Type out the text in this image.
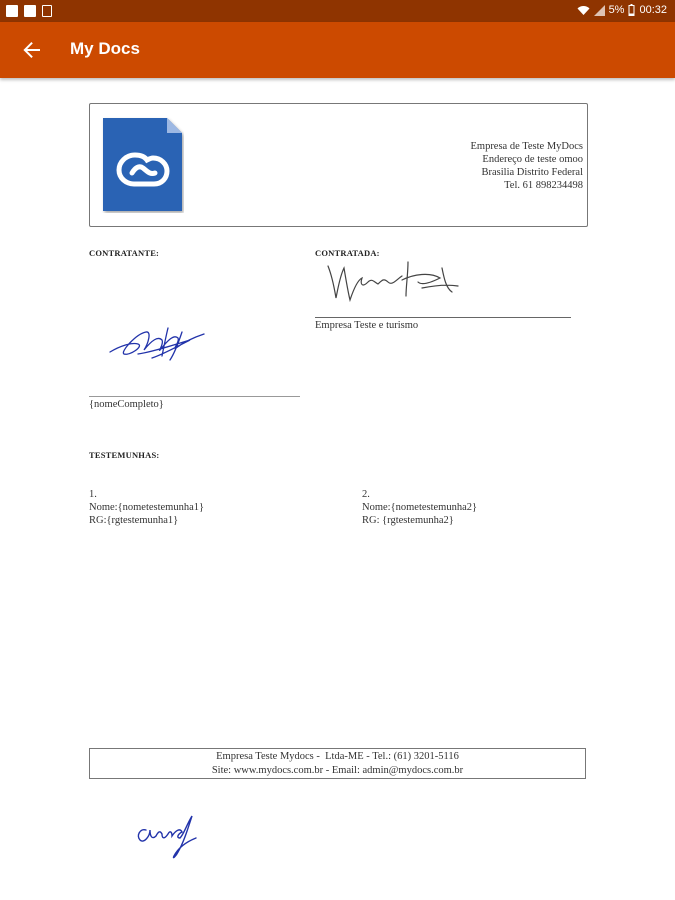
5% 00:32
My Docs
Empresa de Teste MyDocs
Endereço de teste omoo
Brasilia Distrito Federal
Tel. 61 898234498
CONTRATANTE:
{nomeCompleto}
CONTRATADA:
Empresa Teste e turismo
TESTEMUNHAS:
1.
Nome:{nometestemunha1}
RG:{rgtestemunha1}
2.
Nome:{nometestemunha2}
RG: {rgtestemunha2}
Empresa Teste Mydocs -  Ltda-ME - Tel.: (61) 3201-5116
Site: www.mydocs.com.br - Email: admin@mydocs.com.br
